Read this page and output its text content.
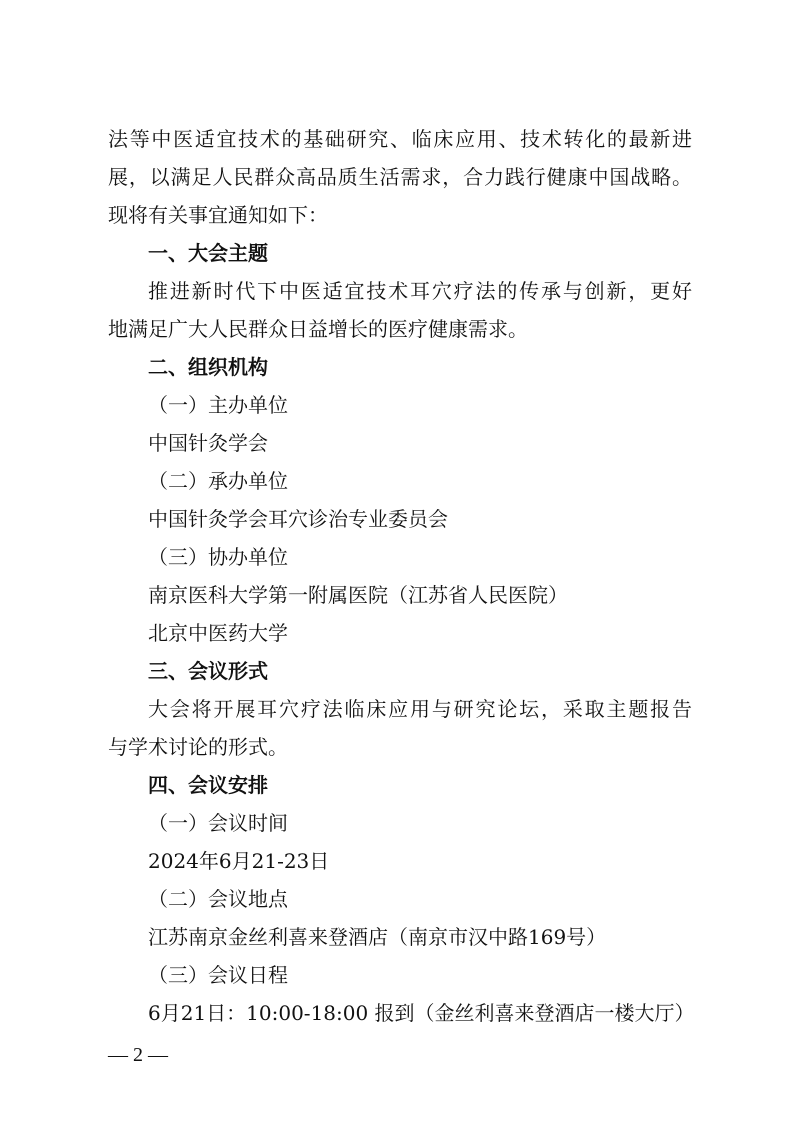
法等中医适宜技术的基础研究、临床应用、技术转化的最新进
展，以满足人民群众高品质生活需求，合力践行健康中国战略。
现将有关事宜通知如下：
一、大会主题
推进新时代下中医适宜技术耳穴疗法的传承与创新，更好
地满足广大人民群众日益增长的医疗健康需求。
二、组织机构
（一）主办单位
中国针灸学会
（二）承办单位
中国针灸学会耳穴诊治专业委员会
（三）协办单位
南京医科大学第一附属医院（江苏省人民医院）
北京中医药大学
三、会议形式
大会将开展耳穴疗法临床应用与研究论坛，采取主题报告
与学术讨论的形式。
四、会议安排
（一）会议时间
2024年6月21-23日
（二）会议地点
江苏南京金丝利喜来登酒店（南京市汉中路169号）
（三）会议日程
6月21日：10:00-18:00 报到（金丝利喜来登酒店一楼大厅）
— 2 —
